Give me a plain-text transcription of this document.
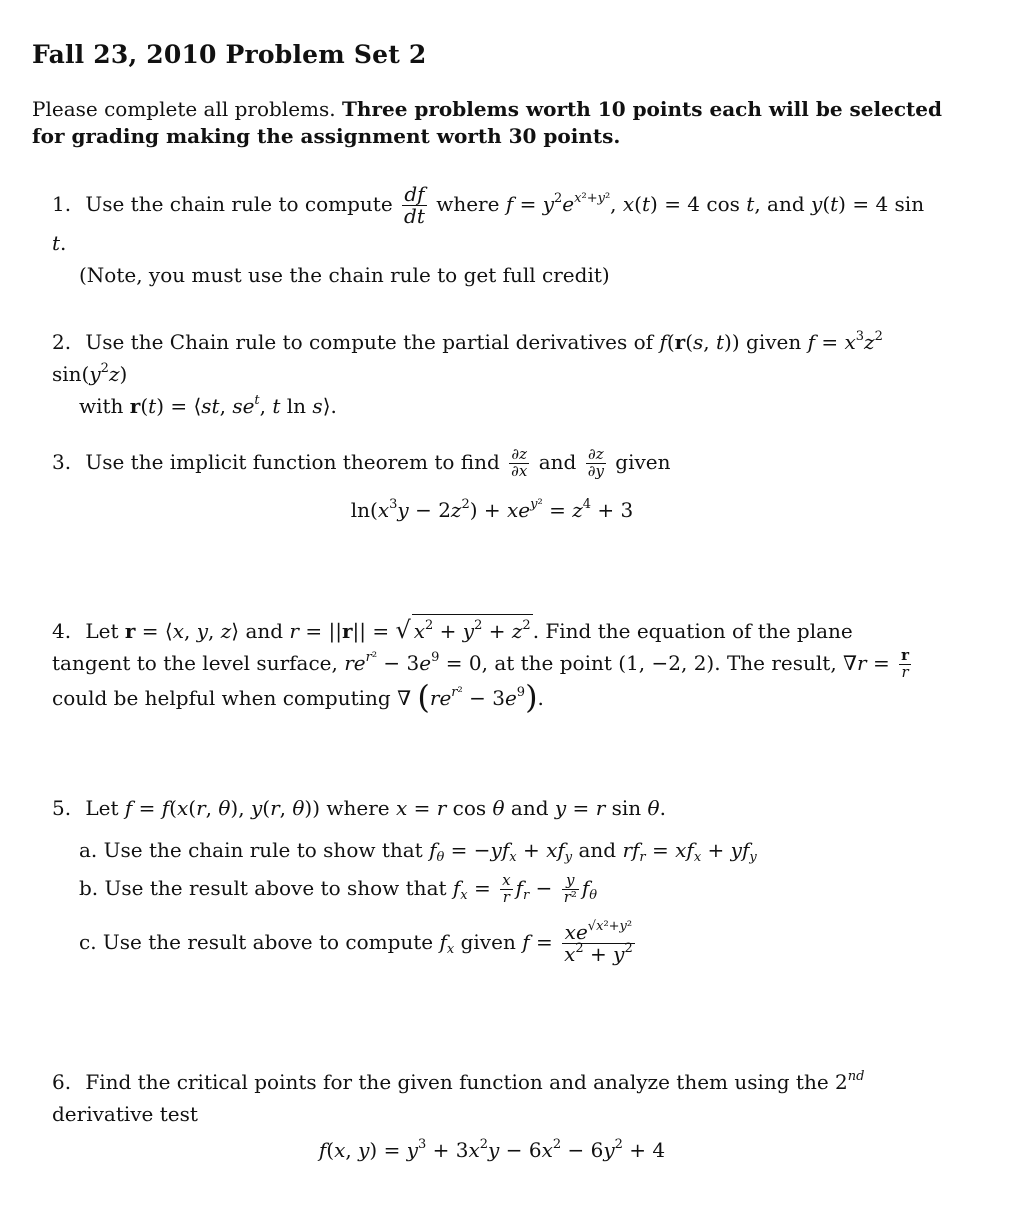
Fall 23, 2010 Problem Set 2
Please complete all problems. Three problems worth 10 points each will be selected for grading making the assignment worth 30 points.
1. Use the chain rule to compute $\frac{df}{dt}$ where $f = y^2e^{x^2+y^2}$, x(t) = 4 cos t, and y(t) = 4 sin t.
(Note, you must use the chain rule to get full credit)
2. Use the Chain rule to compute the partial derivatives of f(r(s, t)) given $f = x^3z^2$ $\sin(y^2z)$
with r(t) = ⟨st, $se^t$, t ln s⟩.
3. Use the implicit function theorem to find $\frac{\partial z}{\partial x}$ and $\frac{\partial z}{\partial y}$ given
$\ln(x^3y - 2z^2) + xe^{y^2} = z^4 + 3$
4. Let r = ⟨x, y, z⟩ and r = ||r|| = √ $x^2 + y^2 + z^2$ . Find the equation of the plane tangent to the level surface, $re^{r^2} - 3e^9 = 0$, at the point (1, −2, 2). The result, $\nabla r = \frac{r}{r}$
could be helpful when computing ∇ $(re^{r^2} - 3e^9)$.
5. Let f = f(x(r, θ), y(r, θ)) where x = r cos θ and y = r sin θ.
a. Use the chain rule to show that $f_\theta = -yf_x + xf_y$ and $rf_r = xf_x + yf_y$
b. Use the result above to show that $f_x = \frac{x}{r} f_r - \frac{y}{\text{r²}} f_\theta$
c. Use the result above to compute $f_x$ given $f = \frac{xe^{√x^2+y^2}}{x^2 + y^2}$
6. Find the critical points for the given function and analyze them using the 2nd derivative test
f(x, $y) = y^3 + 3x^2y - 6x^2 - 6y^2 + 4$
